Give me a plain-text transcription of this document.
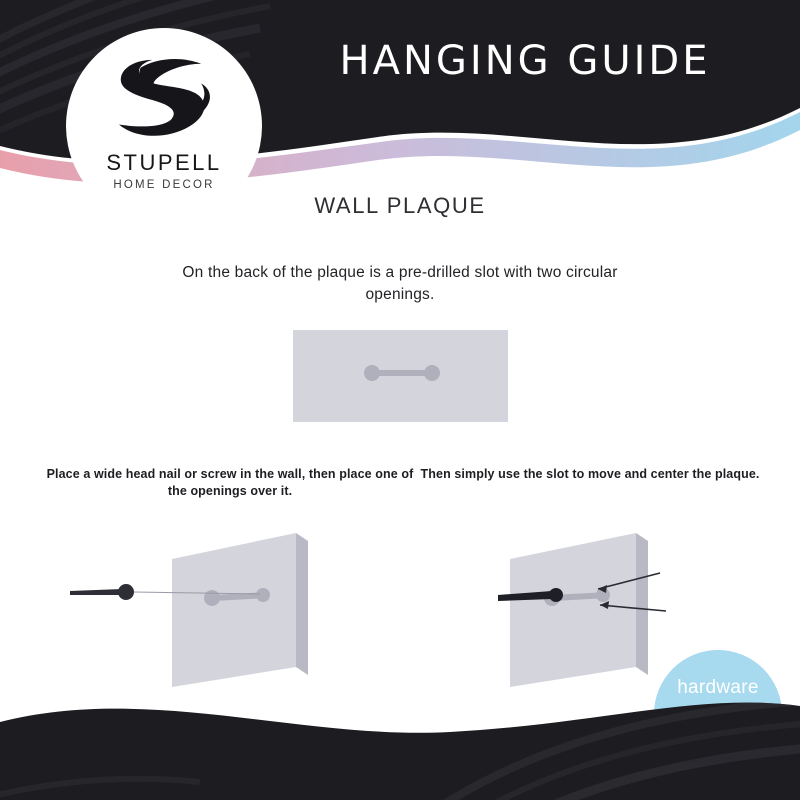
STUPELL
HOME DECOR
HANGING GUIDE
WALL PLAQUE
On the back of the plaque is a pre-drilled slot with two circular openings.
Place a wide head nail or screw in the wall, then place one of the openings over it.
Then simply use the slot to move and center the plaque.
hardware
